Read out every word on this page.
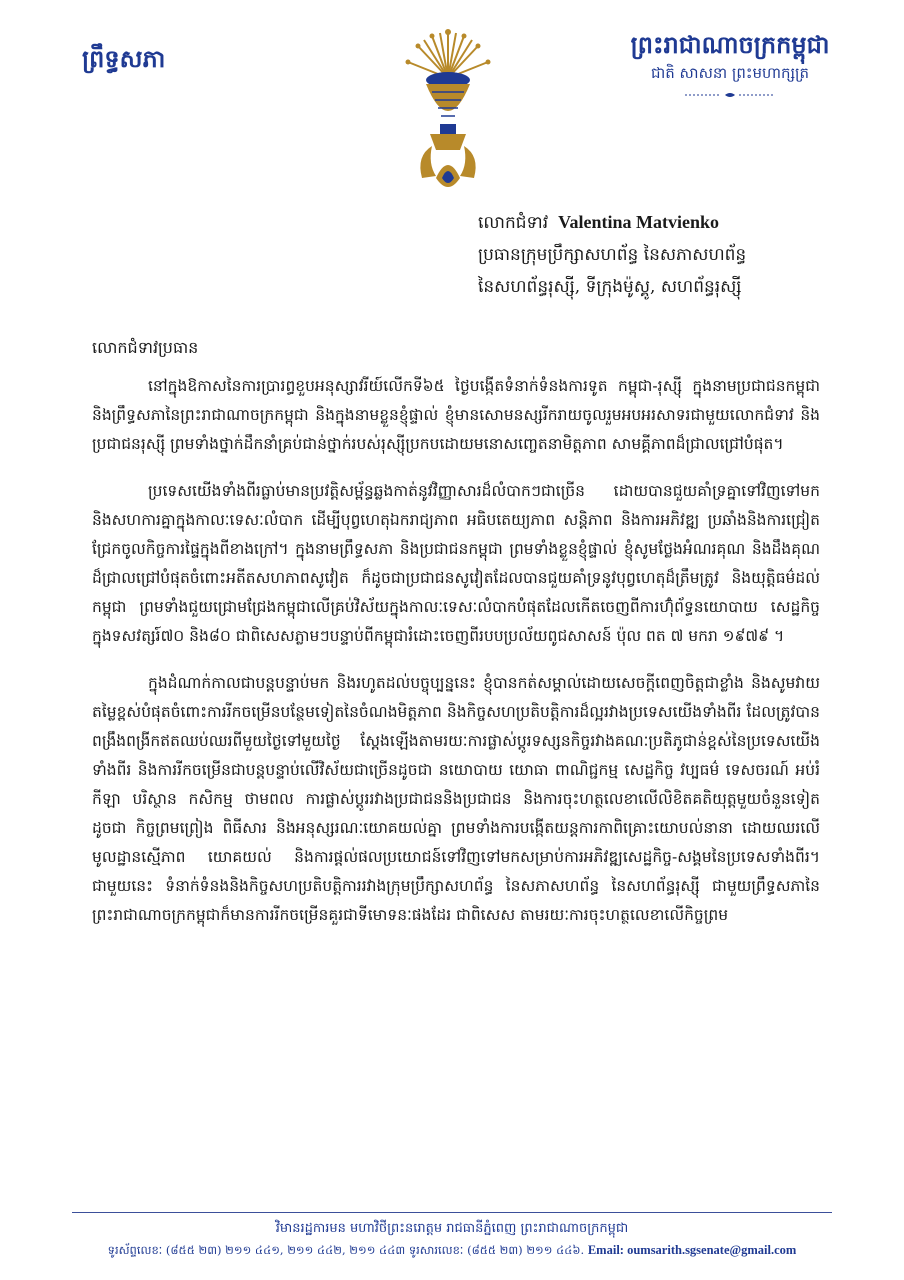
ព្រឹទ្ធសភា	ព្រះរាជាណាចក្រកម្ពុជា
ជាតិ សាសនា ព្រះមហាក្សត្រ
លោកជំទាវ Valentina Matvienko
ប្រធានក្រុមប្រឹក្សាសហព័ន្ធ នៃសភាសហព័ន្ធ
នៃសហព័ន្ធរុស្ស៊ី, ទីក្រុងម៉ូស្គូ, សហព័ន្ធរុស្ស៊ី

លោកជំទាវប្រធាន

នៅក្នុងឱកាសនៃការប្រារព្ធខួបអនុស្សាវរីយ៍លើកទី៦៥ ថ្ងៃបង្កើតទំនាក់ទំនងការទូត កម្ពុជា-រុស្ស៊ី ក្នុងនាមប្រជាជនកម្ពុជា និងព្រឹទ្ធសភានៃព្រះរាជាណាចក្រកម្ពុជា និងក្នុងនាមខ្លួនខ្ញុំផ្ទាល់ ខ្ញុំមានសោមនស្សរីករាយចូលរួមអបអរសាទរជាមួយលោកជំទាវ និងប្រជាជនរុស្ស៊ី ព្រមទាំងថ្នាក់ដឹកនាំគ្រប់ជាន់ថ្នាក់របស់រុស្ស៊ីប្រកបដោយមនោសញ្ចេតនាមិត្តភាព សាមគ្គីភាពដ៏ជ្រាលជ្រៅបំផុត។

ប្រទេសយើងទាំងពីរធ្លាប់មានប្រវត្តិសម្ព័ន្ធឆ្លងកាត់នូវវិញ្ញាសារដ៏លំបាកៗជាច្រើន ដោយបានជួយគាំទ្រគ្នាទៅវិញទៅមក និងសហការគ្នាក្នុងកាលៈទេសៈលំបាក ដើម្បីបុព្វហេតុឯករាជ្យភាព អធិបតេយ្យភាព សន្តិភាព និងការអភិវឌ្ឍ ប្រឆាំងនិងការជ្រៀតជ្រែកចូលកិច្ចការផ្ទៃក្នុងពីខាងក្រៅ។ ក្នុងនាមព្រឹទ្ធសភា និងប្រជាជនកម្ពុជា ព្រមទាំងខ្លួនខ្ញុំផ្ទាល់ ខ្ញុំសូមថ្លែងអំណរគុណ និងដឹងគុណដ៏ជ្រាលជ្រៅបំផុតចំពោះអតីតសហភាពសូវៀត ក៏ដូចជាប្រជាជនសូវៀតដែលបានជួយគាំទ្រនូវបុព្វហេតុដ៏ត្រឹមត្រូវ និងយុត្តិធម៌ដល់កម្ពុជា ព្រមទាំងជួយជ្រោមជ្រែងកម្ពុជាលើគ្រប់វិស័យក្នុងកាលៈទេសៈលំបាកបំផុតដែលកើតចេញពីការហ៊ុំព័ទ្ធនយោបាយ សេដ្ឋកិច្ចក្នុងទសវត្សរ៍៧០ និង៨០ ជាពិសេសភ្លាមៗបន្ទាប់ពីកម្ពុជារំដោះចេញពីរបបប្រល័យពូជសាសន៍ ប៉ុល ពត ៧ មករា ១៩៧៩ ។

ក្នុងដំណាក់កាលជាបន្តបន្ទាប់មក និងរហូតដល់បច្ចុប្បន្ននេះ ខ្ញុំបានកត់សម្គាល់ដោយសេចក្តីពេញចិត្តជាខ្លាំង និងសូមវាយតម្លៃខ្ពស់បំផុតចំពោះការរីកចម្រើនបន្ថែមទៀតនៃចំណងមិត្តភាព និងកិច្ចសហប្រតិបត្តិការដ៏ល្អរវាងប្រទេសយើងទាំងពីរ ដែលត្រូវបានពង្រឹងពង្រីកឥតឈប់ឈរពីមួយថ្ងៃទៅមួយថ្ងៃ ស្តែងឡើងតាមរយៈការផ្លាស់ប្តូរទស្សនកិច្ចរវាងគណៈប្រតិភូជាន់ខ្ពស់នៃប្រទេសយើងទាំងពីរ និងការរីកចម្រើនជាបន្តបន្ទាប់លើវិស័យជាច្រើនដូចជា នយោបាយ យោធា ពាណិជ្ជកម្ម សេដ្ឋកិច្ច វប្បធម៌ ទេសចរណ៍ អប់រំ កីឡា បរិស្ថាន កសិកម្ម ថាមពល ការផ្លាស់ប្តូររវាងប្រជាជននិងប្រជាជន និងការចុះហត្ថលេខាលើលិខិតគតិយុត្តមួយចំនួនទៀតដូចជា កិច្ចព្រមព្រៀង ពិធីសារ និងអនុស្សរណៈយោគយល់គ្នា ព្រមទាំងការបង្កើតយន្តការកាពិគ្រោះយោបល់នានា ដោយឈរលើមូលដ្ឋានស្មើភាព យោគយល់ និងការផ្តល់ផលប្រយោជន៍ទៅវិញទៅមកសម្រាប់ការអភិវឌ្ឍសេដ្ឋកិច្ច-សង្គមនៃប្រទេសទាំងពីរ។ ជាមួយនេះ ទំនាក់ទំនងនិងកិច្ចសហប្រតិបត្តិការរវាងក្រុមប្រឹក្សាសហព័ន្ធ នៃសភាសហព័ន្ធ នៃសហព័ន្ធរុស្ស៊ី ជាមួយព្រឹទ្ធសភានៃព្រះរាជាណាចក្រកម្ពុជាក៏មានការរីកចម្រើនគួរជាទីមោទនៈផងដែរ ជាពិសេស តាមរយៈការចុះហត្ថលេខាលើកិច្ចព្រម

វិមានរដ្ឋការមន មហាវិថីព្រះនរោត្តម រាជធានីភ្នំពេញ ព្រះរាជាណាចក្រកម្ពុជា
ទូរស័ព្ទលេខៈ (៨៥៥ ២៣) ២១១ ៤៤១, ២១១ ៤៤២, ២១១ ៤៤៣ ទូរសារលេខៈ (៨៥៥ ២៣) ២១១ ៤៤៦. Email: oumsarith.sgsenate@gmail.com
